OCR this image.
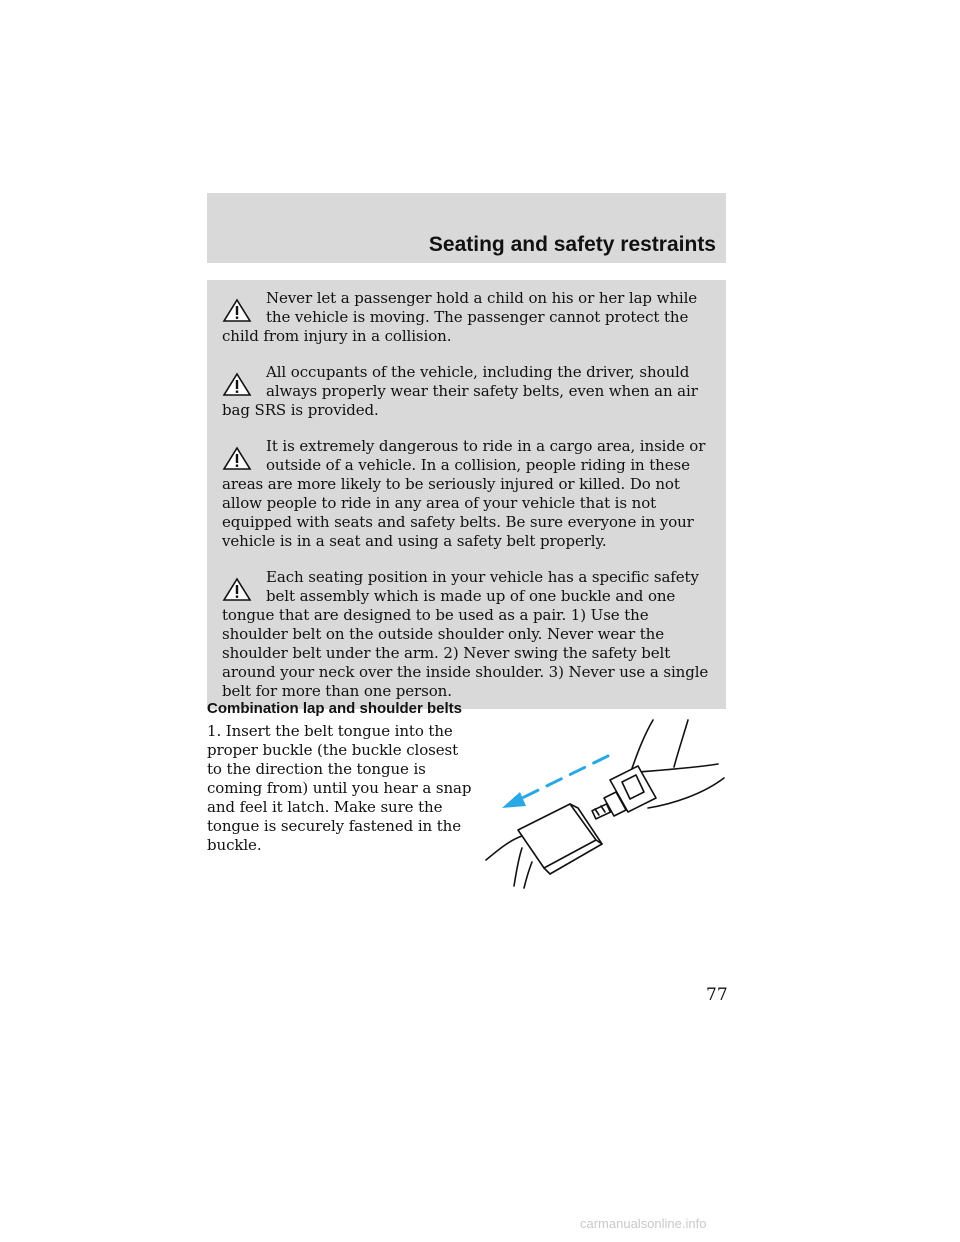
Seating and safety restraints
Never let a passenger hold a child on his or her lap while the vehicle is moving. The passenger cannot protect the child from injury in a collision.
All occupants of the vehicle, including the driver, should always properly wear their safety belts, even when an air bag SRS is provided.
It is extremely dangerous to ride in a cargo area, inside or outside of a vehicle. In a collision, people riding in these areas are more likely to be seriously injured or killed. Do not allow people to ride in any area of your vehicle that is not equipped with seats and safety belts. Be sure everyone in your vehicle is in a seat and using a safety belt properly.
Each seating position in your vehicle has a specific safety belt assembly which is made up of one buckle and one tongue that are designed to be used as a pair. 1) Use the shoulder belt on the outside shoulder only. Never wear the shoulder belt under the arm. 2) Never swing the safety belt around your neck over the inside shoulder. 3) Never use a single belt for more than one person.
Combination lap and shoulder belts
1. Insert the belt tongue into the proper buckle (the buckle closest to the direction the tongue is coming from) until you hear a snap and feel it latch. Make sure the tongue is securely fastened in the buckle.
77
carmanualsonline.info
